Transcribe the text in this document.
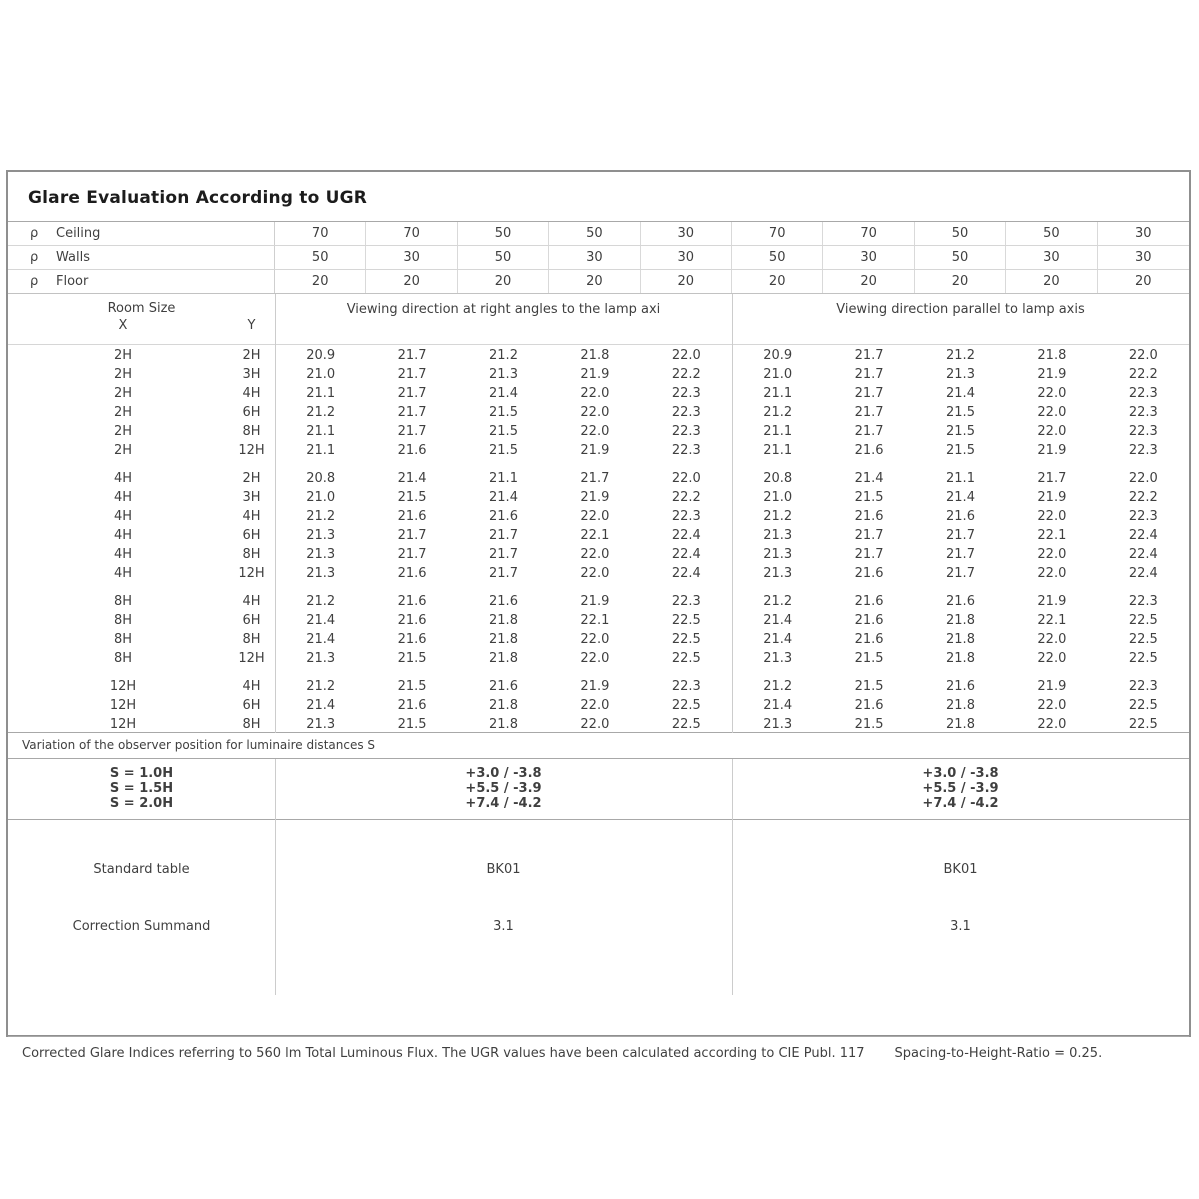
Glare Evaluation According to UGR
ρ Ceiling	70	70	50	50	30	70	70	50	50	30
ρ Walls	50	30	50	30	30	50	30	50	30	30
ρ Floor	20	20	20	20	20	20	20	20	20	20
Room Size
X	Y
Viewing direction at right angles to the lamp axi	Viewing direction parallel to lamp axis
2H	2H	20.9	21.7	21.2	21.8	22.0	20.9	21.7	21.2	21.8	22.0
2H	3H	21.0	21.7	21.3	21.9	22.2	21.0	21.7	21.3	21.9	22.2
2H	4H	21.1	21.7	21.4	22.0	22.3	21.1	21.7	21.4	22.0	22.3
2H	6H	21.2	21.7	21.5	22.0	22.3	21.2	21.7	21.5	22.0	22.3
2H	8H	21.1	21.7	21.5	22.0	22.3	21.1	21.7	21.5	22.0	22.3
2H	12H	21.1	21.6	21.5	21.9	22.3	21.1	21.6	21.5	21.9	22.3
4H	2H	20.8	21.4	21.1	21.7	22.0	20.8	21.4	21.1	21.7	22.0
4H	3H	21.0	21.5	21.4	21.9	22.2	21.0	21.5	21.4	21.9	22.2
4H	4H	21.2	21.6	21.6	22.0	22.3	21.2	21.6	21.6	22.0	22.3
4H	6H	21.3	21.7	21.7	22.1	22.4	21.3	21.7	21.7	22.1	22.4
4H	8H	21.3	21.7	21.7	22.0	22.4	21.3	21.7	21.7	22.0	22.4
4H	12H	21.3	21.6	21.7	22.0	22.4	21.3	21.6	21.7	22.0	22.4
8H	4H	21.2	21.6	21.6	21.9	22.3	21.2	21.6	21.6	21.9	22.3
8H	6H	21.4	21.6	21.8	22.1	22.5	21.4	21.6	21.8	22.1	22.5
8H	8H	21.4	21.6	21.8	22.0	22.5	21.4	21.6	21.8	22.0	22.5
8H	12H	21.3	21.5	21.8	22.0	22.5	21.3	21.5	21.8	22.0	22.5
12H	4H	21.2	21.5	21.6	21.9	22.3	21.2	21.5	21.6	21.9	22.3
12H	6H	21.4	21.6	21.8	22.0	22.5	21.4	21.6	21.8	22.0	22.5
12H	8H	21.3	21.5	21.8	22.0	22.5	21.3	21.5	21.8	22.0	22.5
Variation of the observer position for luminaire distances S
S = 1.0H	+3.0 / -3.8	+3.0 / -3.8
S = 1.5H	+5.5 / -3.9	+5.5 / -3.9
S = 2.0H	+7.4 / -4.2	+7.4 / -4.2
Standard table	BK01	BK01
Correction Summand	3.1	3.1
Corrected Glare Indices referring to 560 lm Total Luminous Flux. The UGR values have been calculated according to CIE Publ. 117 Spacing-to-Height-Ratio = 0.25.
